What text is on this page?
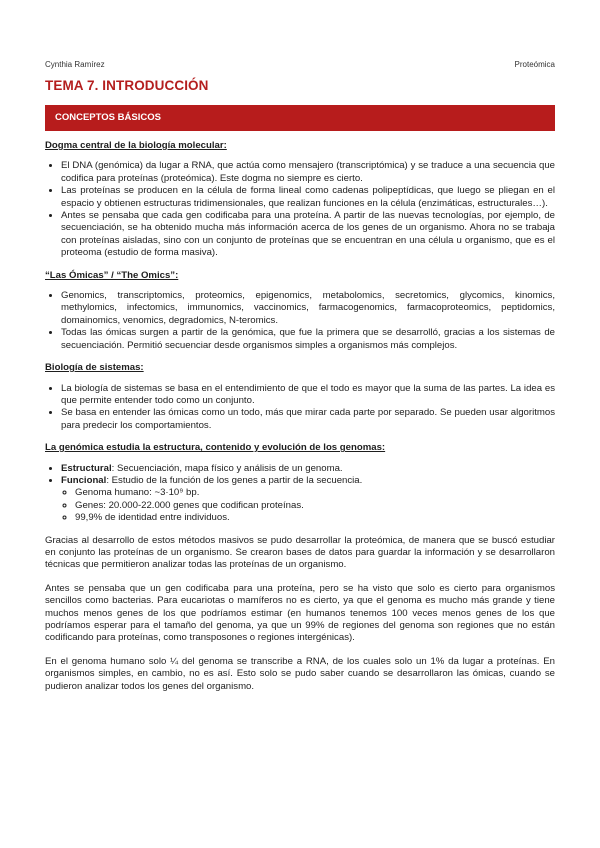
Cynthia Ramírez	Proteómica
TEMA 7. INTRODUCCIÓN
CONCEPTOS BÁSICOS
Dogma central de la biología molecular:
• El DNA (genómica) da lugar a RNA, que actúa como mensajero (transcriptómica) y se traduce a una secuencia que codifica para proteínas (proteómica). Este dogma no siempre es cierto.
• Las proteínas se producen en la célula de forma lineal como cadenas polipeptídicas, que luego se pliegan en el espacio y obtienen estructuras tridimensionales, que realizan funciones en la célula (enzimáticas, estructurales…).
• Antes se pensaba que cada gen codificaba para una proteína. A partir de las nuevas tecnologías, por ejemplo, de secuenciación, se ha obtenido mucha más información acerca de los genes de un organismo. Ahora no se trabaja con proteínas aisladas, sino con un conjunto de proteínas que se encuentran en una célula u organismo, que es el proteoma (estudio de forma masiva).
“Las Ómicas” / “The Omics”:
• Genomics, transcriptomics, proteomics, epigenomics, metabolomics, secretomics, glycomics, kinomics, methylomics, infectomics, immunomics, vaccinomics, farmacogenomics, farmacoproteomics, peptidomics, domainomics, venomics, degradomics, N-teromics.
• Todas las ómicas surgen a partir de la genómica, que fue la primera que se desarrolló, gracias a los sistemas de secuenciación. Permitió secuenciar desde organismos simples a organismos más complejos.
Biología de sistemas:
• La biología de sistemas se basa en el entendimiento de que el todo es mayor que la suma de las partes. La idea es que permite entender todo como un conjunto.
• Se basa en entender las ómicas como un todo, más que mirar cada parte por separado. Se pueden usar algoritmos para predecir los comportamientos.
La genómica estudia la estructura, contenido y evolución de los genomas:
• Estructural: Secuenciación, mapa físico y análisis de un genoma.
• Funcional: Estudio de la función de los genes a partir de la secuencia.
◦ Genoma humano: ~3·10⁹ bp.
◦ Genes: 20.000-22.000 genes que codifican proteínas.
◦ 99,9% de identidad entre individuos.

Gracias al desarrollo de estos métodos masivos se pudo desarrollar la proteómica, de manera que se buscó estudiar en conjunto las proteínas de un organismo. Se crearon bases de datos para guardar la información y se desarrollaron técnicas que permitieron analizar todas las proteínas de un organismo.

Antes se pensaba que un gen codificaba para una proteína, pero se ha visto que solo es cierto para organismos sencillos como bacterias. Para eucariotas o mamíferos no es cierto, ya que el genoma es mucho más grande y tiene muchos menos genes de los que podríamos estimar (en humanos tenemos 100 veces menos genes de los que podríamos esperar para el tamaño del genoma, ya que un 99% de regiones del genoma son regiones que no están codificando para proteínas, como transposones o regiones intergénicas).

En el genoma humano solo ¼ del genoma se transcribe a RNA, de los cuales solo un 1% da lugar a proteínas. En organismos simples, en cambio, no es así. Esto solo se pudo saber cuando se desarrollaron las ómicas, cuando se pudieron analizar todos los genes del organismo.
